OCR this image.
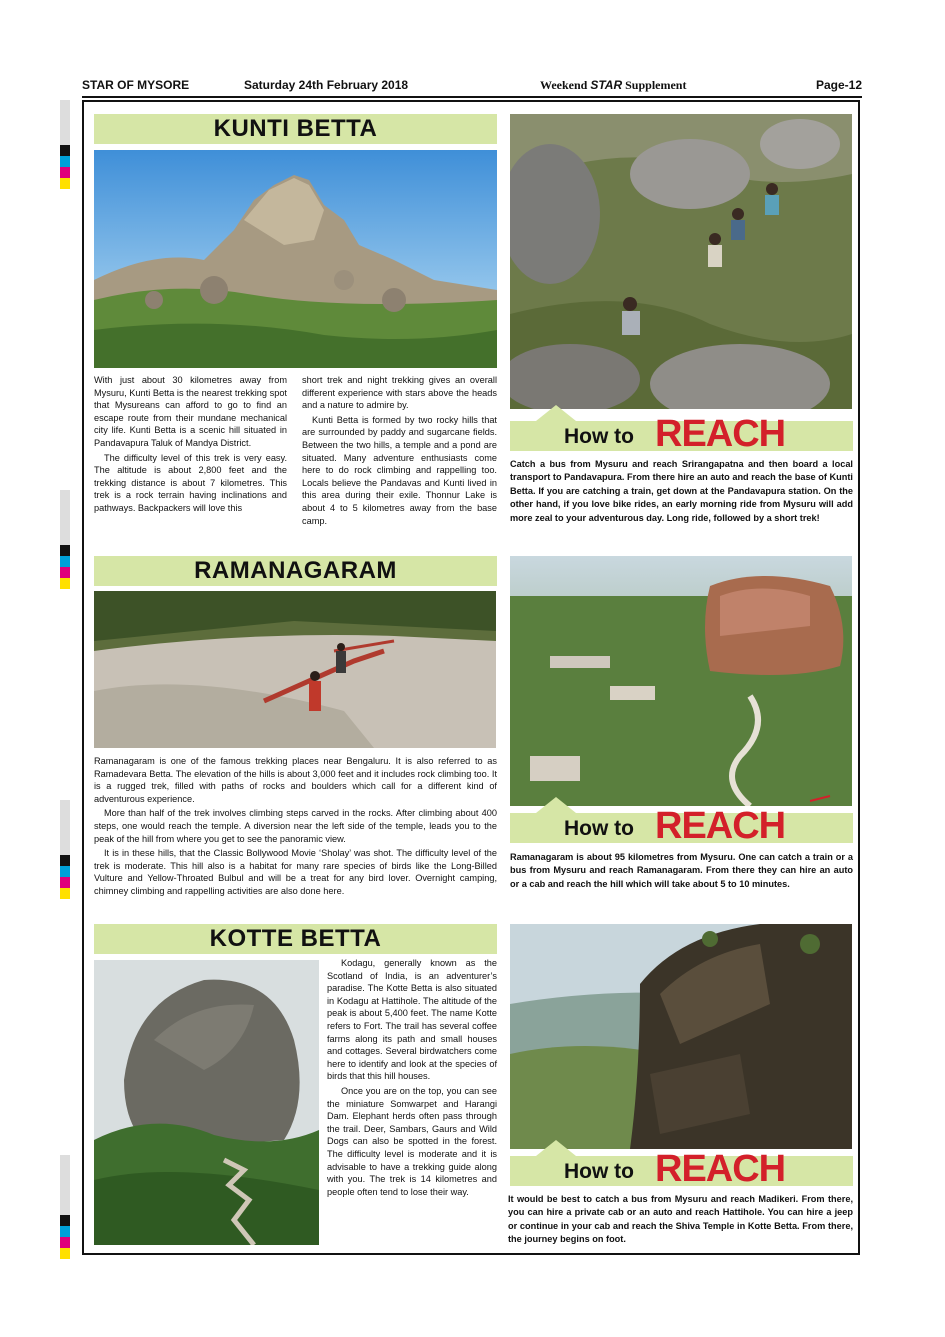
STAR OF MYSORE	Saturday 24th February 2018	Weekend STAR Supplement	Page-12
KUNTI BETTA

With just about 30 kilometres away from Mysuru, Kunti Betta is the nearest trekking spot that Mysureans can afford to go to find an escape route from their mundane mechanical city life. Kunti Betta is a scenic hill situated in Pandavapura Taluk of Mandya District.

The difficulty level of this trek is very easy. The altitude is about 2,800 feet and the trekking distance is about 7 kilometres. This trek is a rock terrain having inclinations and pathways. Backpackers will love this

short trek and night trekking gives an overall different experience with stars above the heads and a nature to admire by.

Kunti Betta is formed by two rocky hills that are surrounded by paddy and sugarcane fields. Between the two hills, a temple and a pond are situated. Many adventure enthusiasts come here to do rock climbing and rappelling too. Locals believe the Pandavas and Kunti lived in this area during their exile. Thonnur Lake is about 4 to 5 kilometres away from the base camp.

How to REACH
Catch a bus from Mysuru and reach Srirangapatna and then board a local transport to Pandavapura. From there hire an auto and reach the base of Kunti Betta. If you are catching a train, get down at the Pandavapura station. On the other hand, if you love bike rides, an early morning ride from Mysuru will add more zeal to your adventurous day. Long ride, followed by a short trek!
RAMANAGARAM

Ramanagaram is one of the famous trekking places near Bengaluru. It is also referred to as Ramadevara Betta. The elevation of the hills is about 3,000 feet and it includes rock climbing too. It is a rugged trek, filled with paths of rocks and boulders which call for a different kind of adventurous experience.

More than half of the trek involves climbing steps carved in the rocks. After climbing about 400 steps, one would reach the temple. A diversion near the left side of the temple, leads you to the peak of the hill from where you get to see the panoramic view.

It is in these hills, that the Classic Bollywood Movie ‘Sholay’ was shot. The difficulty level of the trek is moderate. This hill also is a habitat for many rare species of birds like the Long-Billed Vulture and Yellow-Throated Bulbul and will be a treat for any bird lover. Overnight camping, chimney climbing and rappelling activities are also done here.

How to REACH
Ramanagaram is about 95 kilometres from Mysuru. One can catch a train or a bus from Mysuru and reach Ramanagaram. From there they can hire an auto or a cab and reach the hill which will take about 5 to 10 minutes.
KOTTE BETTA

Kodagu, generally known as the Scotland of India, is an adventurer’s paradise. The Kotte Betta is also situated in Kodagu at Hattihole. The altitude of the peak is about 5,400 feet. The name Kotte refers to Fort. The trail has several coffee farms along its path and small houses and cottages. Several birdwatchers come here to identify and look at the species of birds that this hill houses.

Once you are on the top, you can see the miniature Somwarpet and Harangi Dam. Elephant herds often pass through the trail. Deer, Sambars, Gaurs and Wild Dogs can also be spotted in the forest. The difficulty level is moderate and it is advisable to have a trekking guide along with you. The trek is 14 kilometres and people often tend to lose their way.

How to REACH
It would be best to catch a bus from Mysuru and reach Madikeri. From there, you can hire a private cab or an auto and reach Hattihole. You can hire a jeep or continue in your cab and reach the Shiva Temple in Kotte Betta. From there, the journey begins on foot.
